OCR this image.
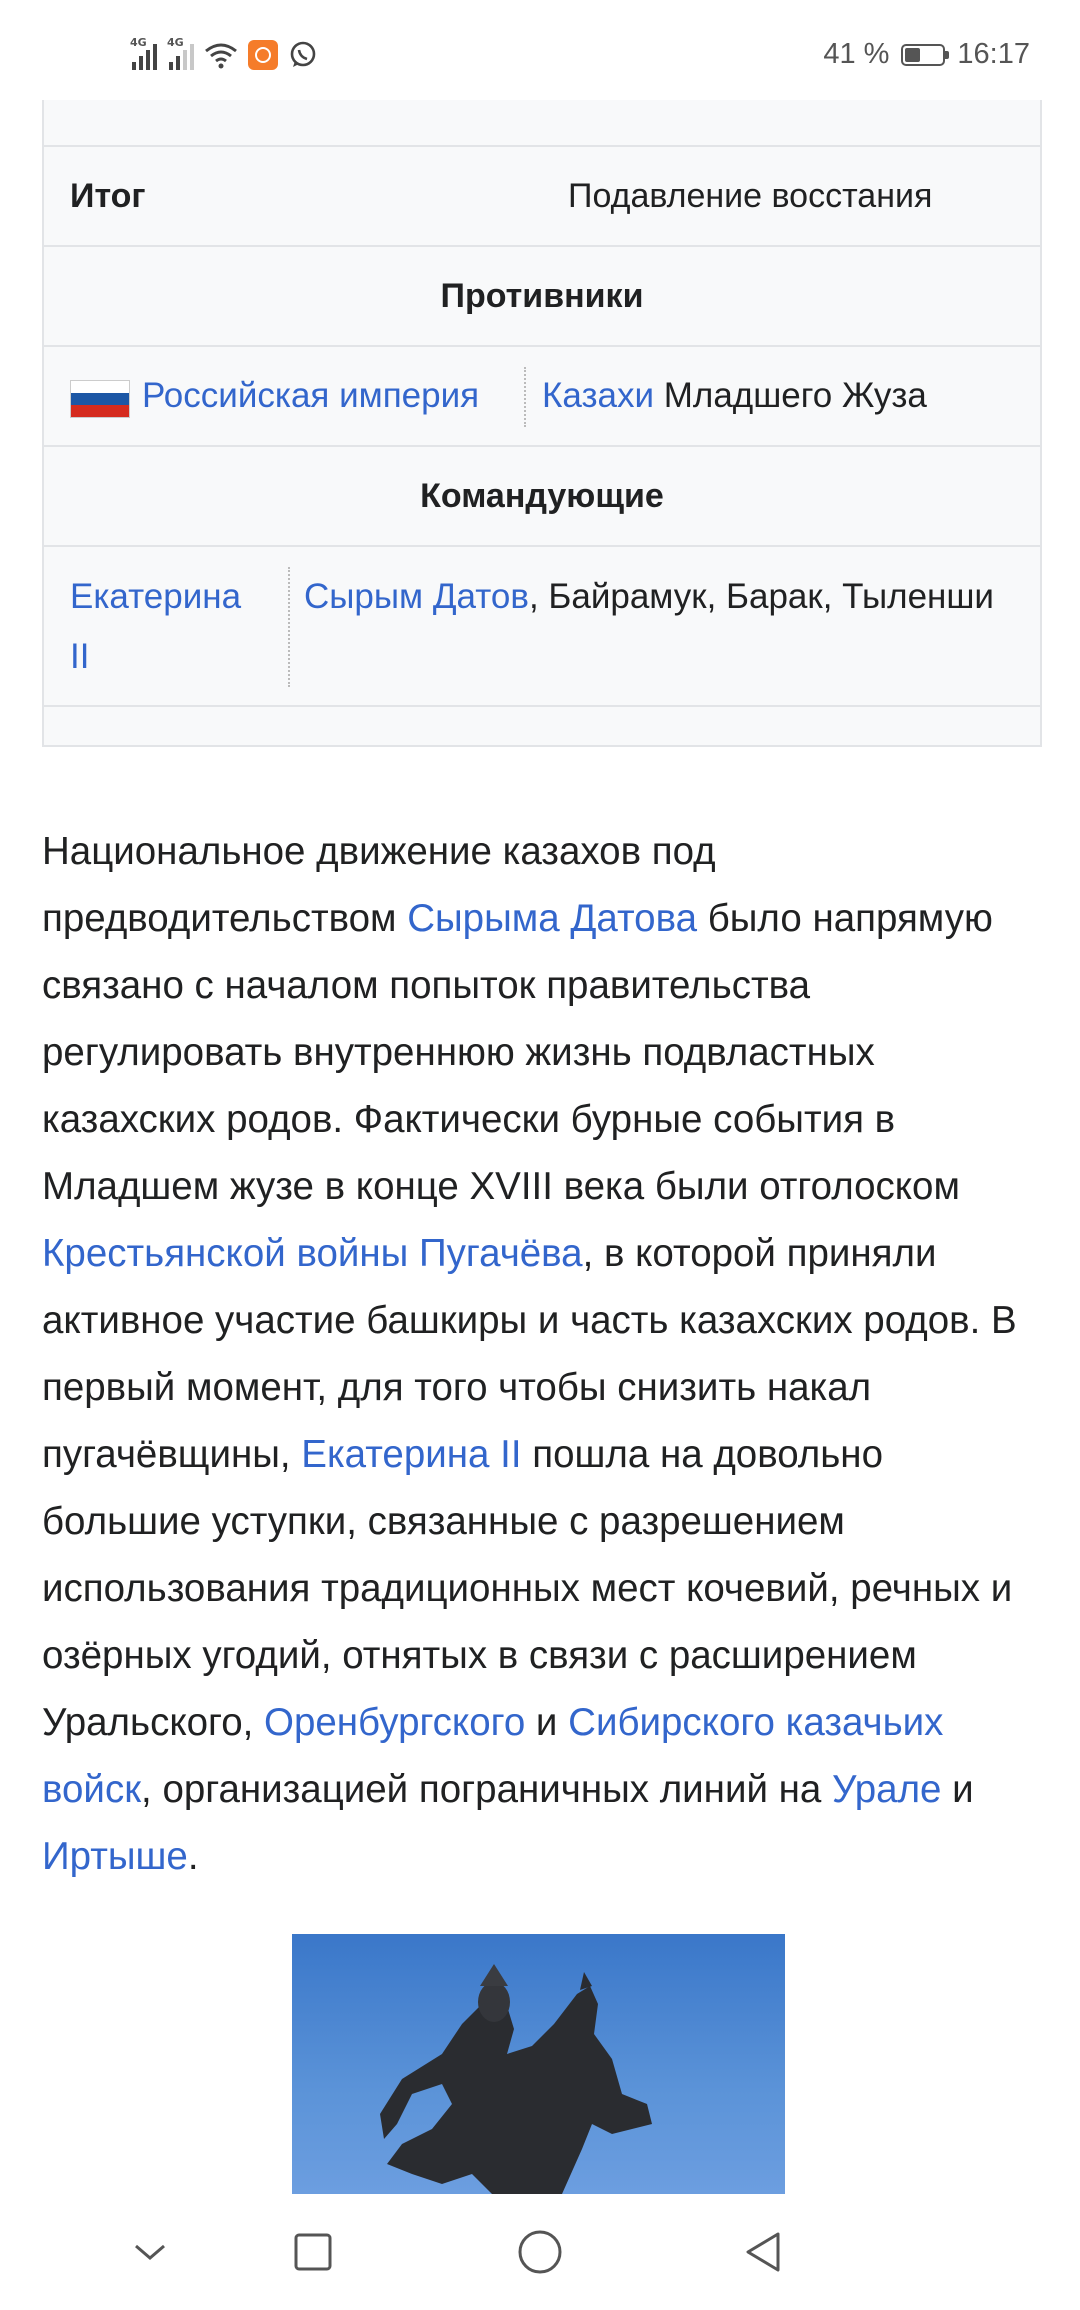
4G 4G	41 % 16:17
Итог	Подавление восстания
Противники
Российская империя Казахи Младшего Жуза
Командующие
Екатерина II
Сырым Датов, Байрамук, Барак, Тыленши

Национальное движение казахов под предводительством Сырыма Датова было напрямую связано с началом попыток правительства регулировать внутреннюю жизнь подвластных казахских родов. Фактически бурные события в Младшем жузе в конце XVIII века были отголоском Крестьянской войны Пугачёва, в которой приняли активное участие башкиры и часть казахских родов. В первый момент, для того чтобы снизить накал пугачёвщины, Екатерина II пошла на довольно большие уступки, связанные с разрешением использования традиционных мест кочевий, речных и озёрных угодий, отнятых в связи с расширением Уральского, Оренбургского и Сибирского казачьих войск, организацией пограничных линий на Урале и Иртыше.
